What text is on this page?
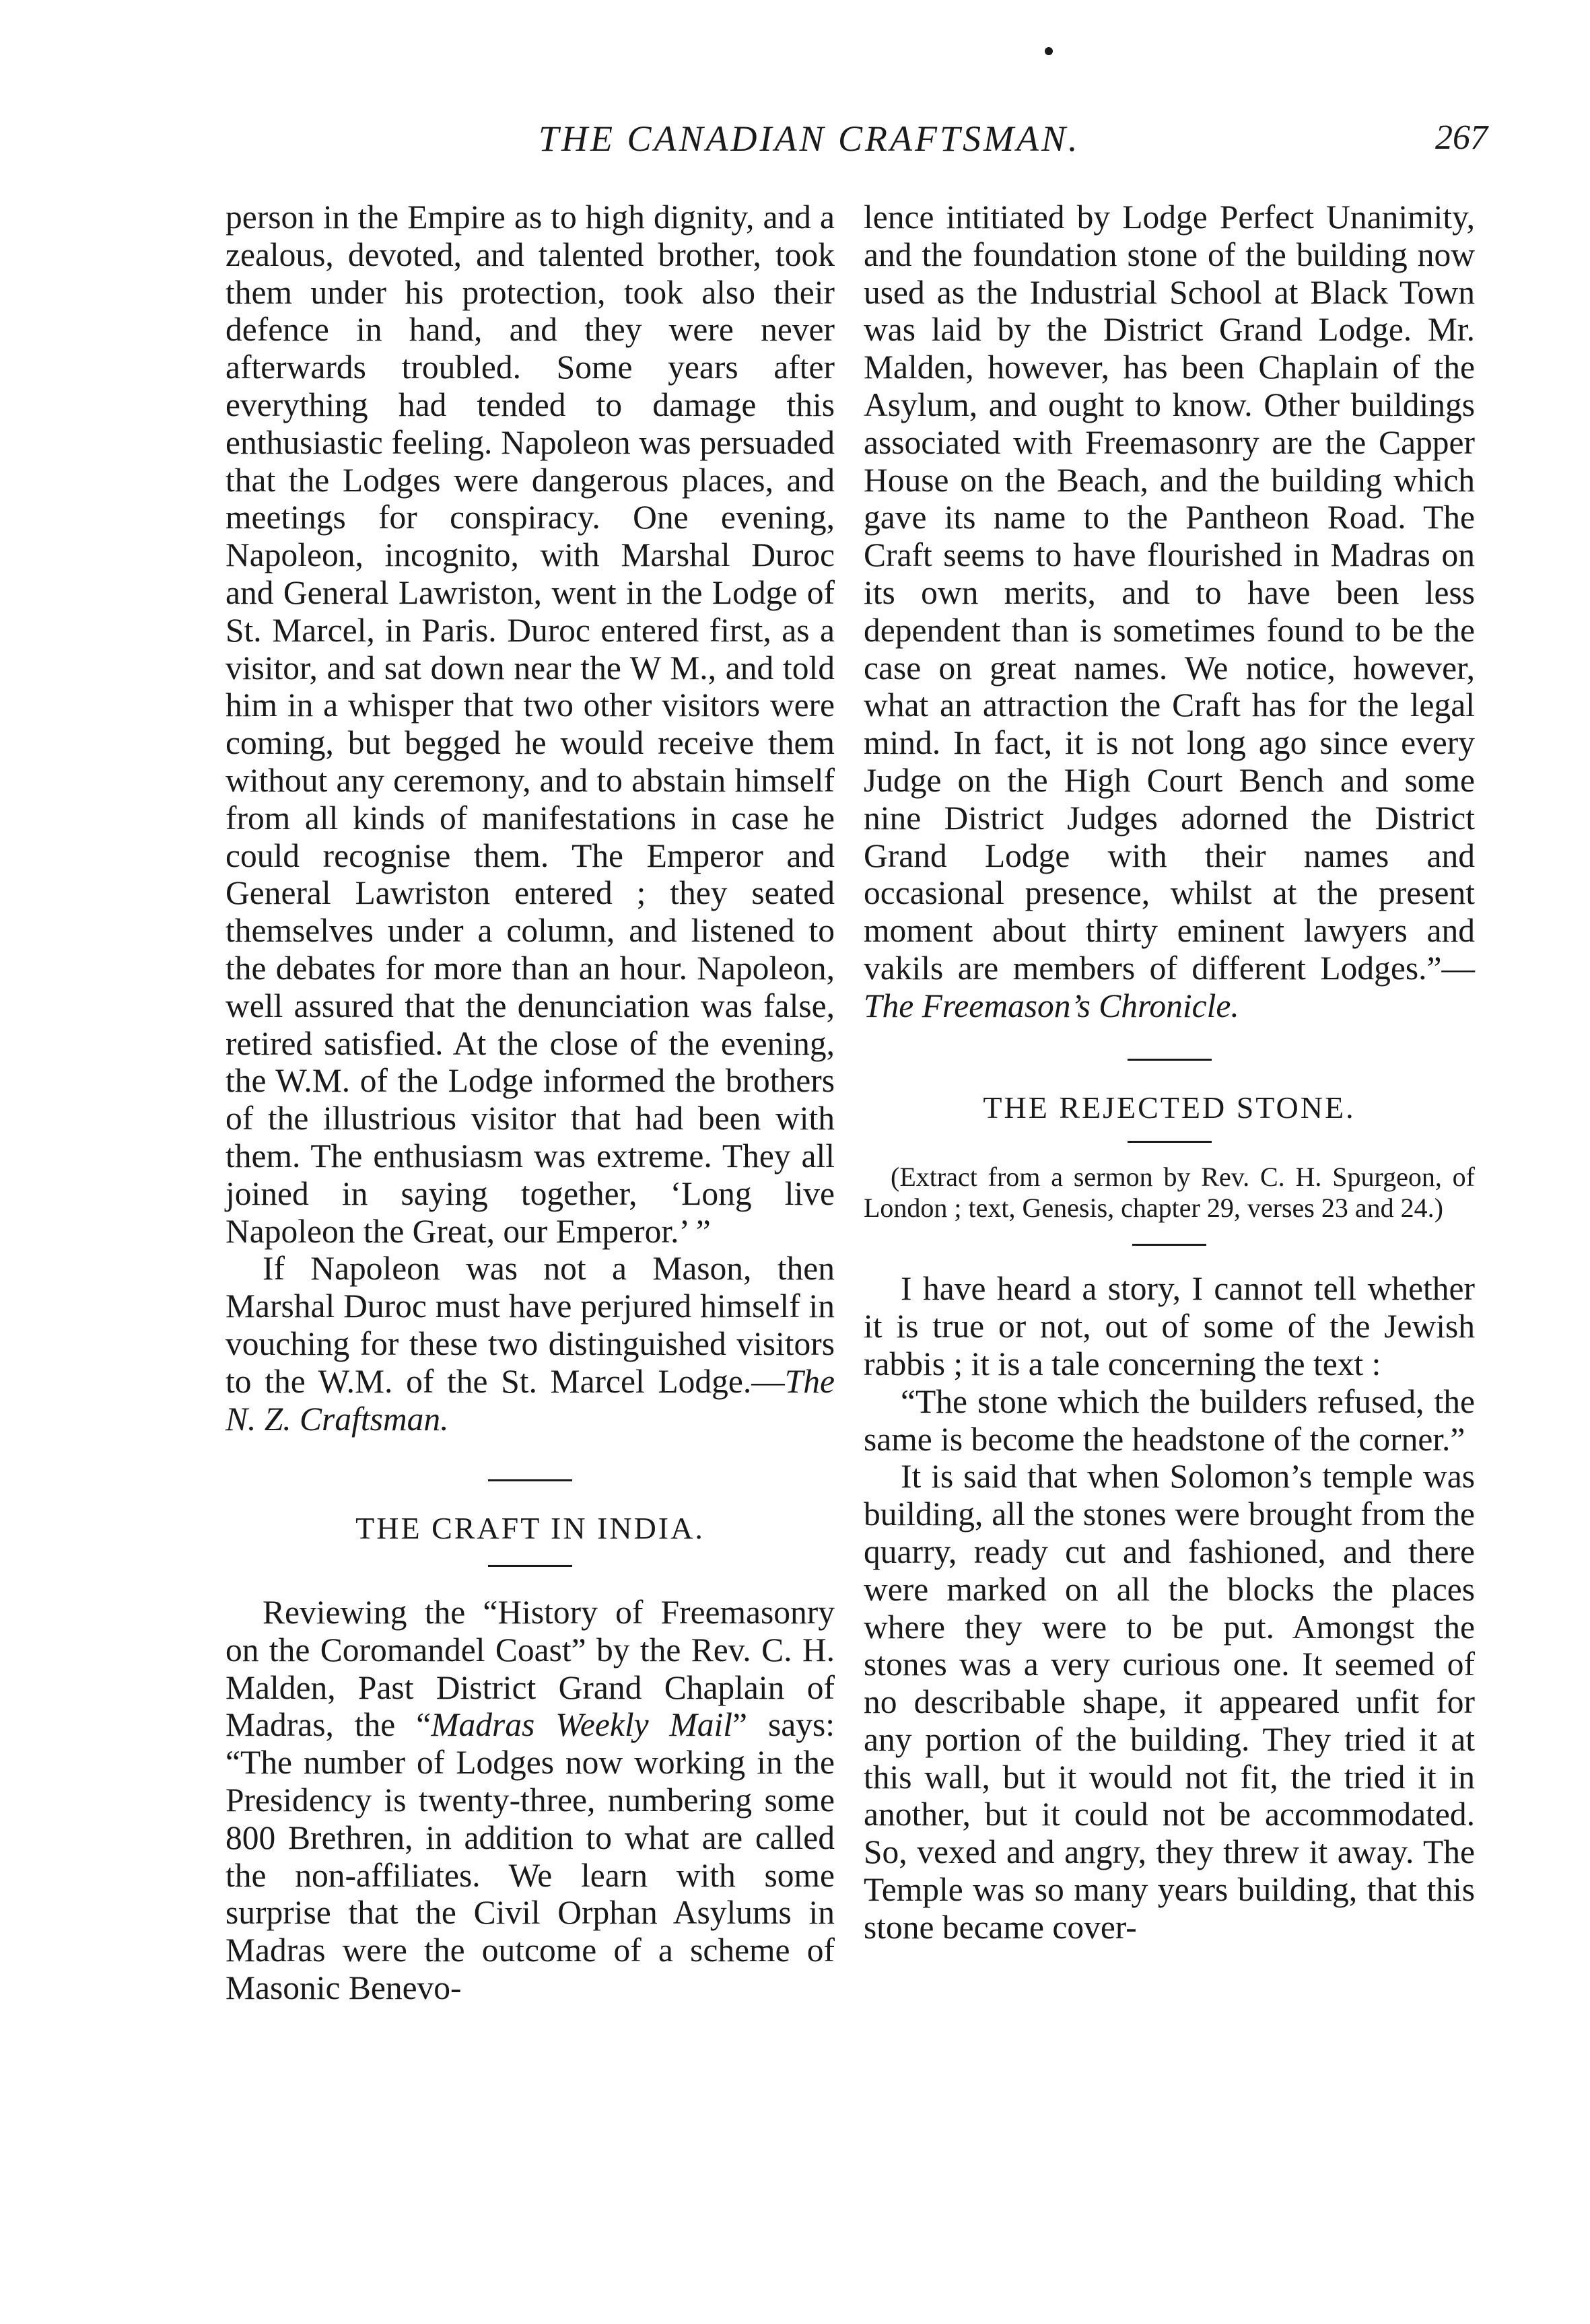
THE CANADIAN CRAFTSMAN.	267

person in the Empire as to high dignity, and a zealous, devoted, and talented brother, took them under his protection, took also their defence in hand, and they were never afterwards troubled. Some years after everything had tended to damage this enthusiastic feeling. Napoleon was persuaded that the Lodges were dangerous places, and meetings for conspiracy. One evening, Napoleon, incognito, with Marshal Duroc and General Lawriston, went in the Lodge of St. Marcel, in Paris. Duroc entered first, as a visitor, and sat down near the W M., and told him in a whisper that two other visitors were coming, but begged he would receive them without any ceremony, and to abstain himself from all kinds of manifestations in case he could recognise them. The Emperor and General Lawriston entered ; they seated themselves under a column, and listened to the debates for more than an hour. Napoleon, well assured that the denunciation was false, retired satisfied. At the close of the evening, the W.M. of the Lodge informed the brothers of the illustrious visitor that had been with them. The enthusiasm was extreme. They all joined in saying together, ‘Long live Napoleon the Great, our Emperor.’ ”

If Napoleon was not a Mason, then Marshal Duroc must have perjured himself in vouching for these two distinguished visitors to the W.M. of the St. Marcel Lodge.—The N. Z. Craftsman.

THE CRAFT IN INDIA.

Reviewing the “History of Freemasonry on the Coromandel Coast” by the Rev. C. H. Malden, Past District Grand Chaplain of Madras, the “Madras Weekly Mail” says: “The number of Lodges now working in the Presidency is twenty-three, numbering some 800 Brethren, in addition to what are called the non-affiliates. We learn with some surprise that the Civil Orphan Asylums in Madras were the outcome of a scheme of Masonic Benevo-

lence intitiated by Lodge Perfect Unanimity, and the foundation stone of the building now used as the Industrial School at Black Town was laid by the District Grand Lodge. Mr. Malden, however, has been Chaplain of the Asylum, and ought to know. Other buildings associated with Freemasonry are the Capper House on the Beach, and the building which gave its name to the Pantheon Road. The Craft seems to have flourished in Madras on its own merits, and to have been less dependent than is sometimes found to be the case on great names. We notice, however, what an attraction the Craft has for the legal mind. In fact, it is not long ago since every Judge on the High Court Bench and some nine District Judges adorned the District Grand Lodge with their names and occasional presence, whilst at the present moment about thirty eminent lawyers and vakils are members of different Lodges.”—The Freemason’s Chronicle.

THE REJECTED STONE.

(Extract from a sermon by Rev. C. H. Spurgeon, of London ; text, Genesis, chapter 29, verses 23 and 24.)

I have heard a story, I cannot tell whether it is true or not, out of some of the Jewish rabbis ; it is a tale concerning the text :

“The stone which the builders refused, the same is become the headstone of the corner.”

It is said that when Solomon’s temple was building, all the stones were brought from the quarry, ready cut and fashioned, and there were marked on all the blocks the places where they were to be put. Amongst the stones was a very curious one. It seemed of no describable shape, it appeared unfit for any portion of the building. They tried it at this wall, but it would not fit, the tried it in another, but it could not be accommodated. So, vexed and angry, they threw it away. The Temple was so many years building, that this stone became cover-
